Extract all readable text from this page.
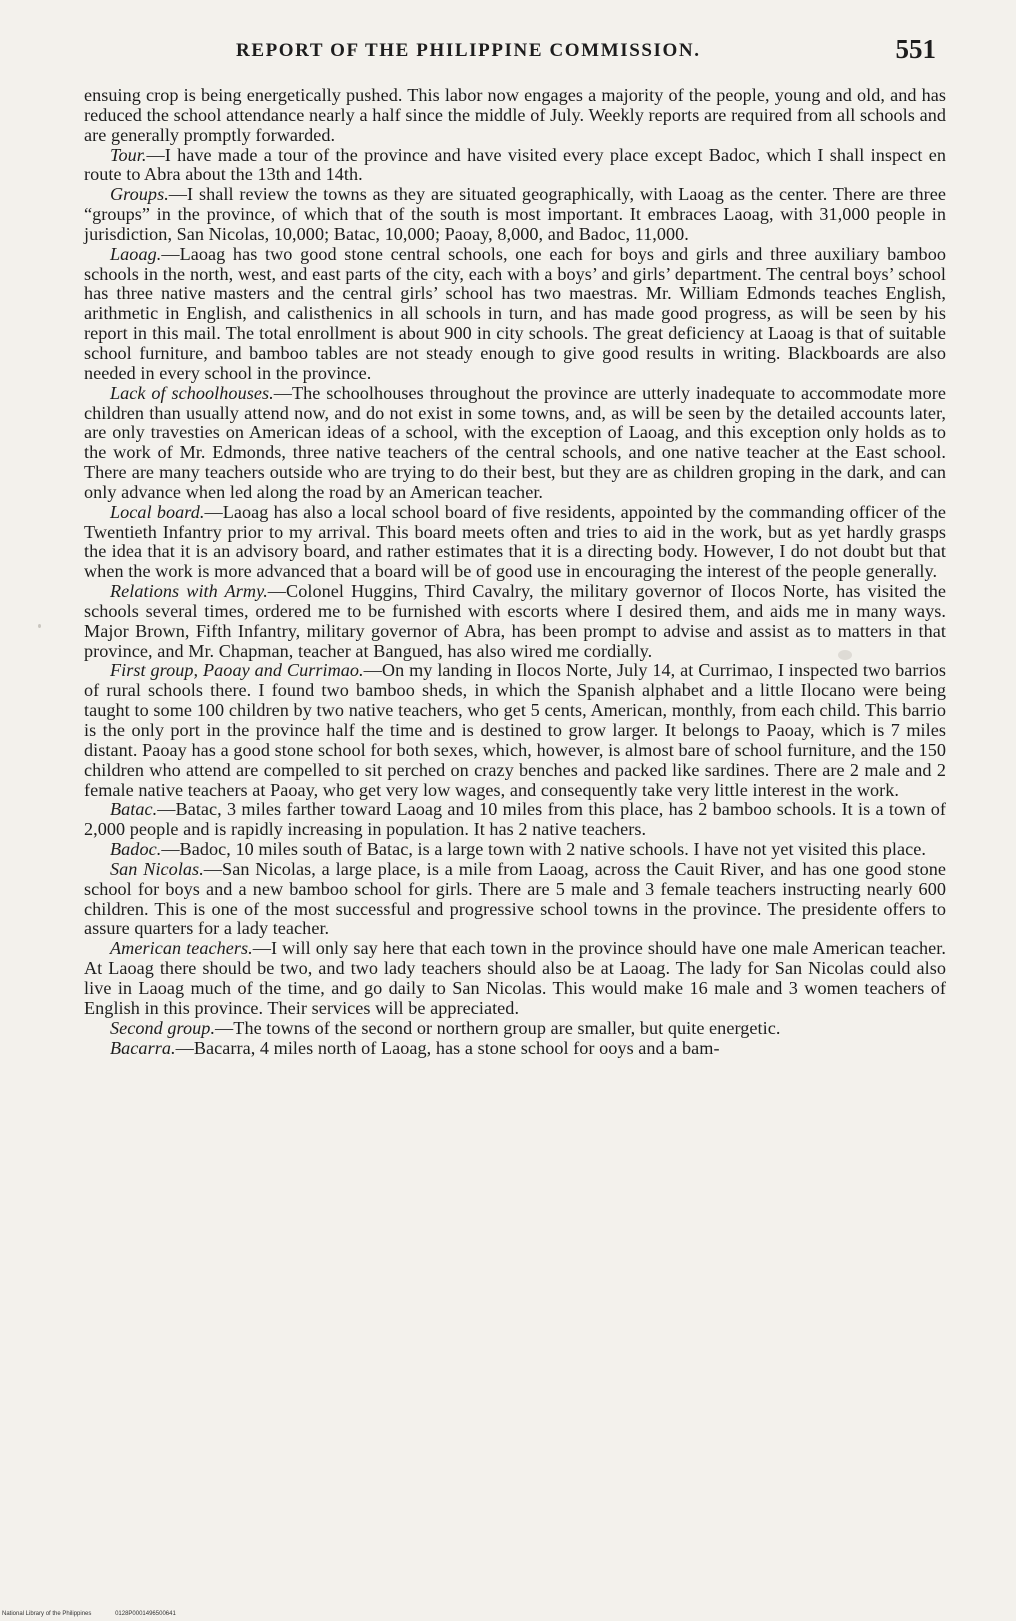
REPORT OF THE PHILIPPINE COMMISSION.	551

ensuing crop is being energetically pushed. This labor now engages a majority of the people, young and old, and has reduced the school attendance nearly a half since the middle of July. Weekly reports are required from all schools and are generally promptly forwarded.

Tour.—I have made a tour of the province and have visited every place except Badoc, which I shall inspect en route to Abra about the 13th and 14th.

Groups.—I shall review the towns as they are situated geographically, with Laoag as the center. There are three “groups” in the province, of which that of the south is most important. It embraces Laoag, with 31,000 people in jurisdiction, San Nicolas, 10,000; Batac, 10,000; Paoay, 8,000, and Badoc, 11,000.

Laoag.—Laoag has two good stone central schools, one each for boys and girls and three auxiliary bamboo schools in the north, west, and east parts of the city, each with a boys’ and girls’ department. The central boys’ school has three native masters and the central girls’ school has two maestras. Mr. William Edmonds teaches English, arithmetic in English, and calisthenics in all schools in turn, and has made good progress, as will be seen by his report in this mail. The total enrollment is about 900 in city schools. The great deficiency at Laoag is that of suitable school furniture, and bamboo tables are not steady enough to give good results in writing. Blackboards are also needed in every school in the province.

Lack of schoolhouses.—The schoolhouses throughout the province are utterly inadequate to accommodate more children than usually attend now, and do not exist in some towns, and, as will be seen by the detailed accounts later, are only travesties on American ideas of a school, with the exception of Laoag, and this exception only holds as to the work of Mr. Edmonds, three native teachers of the central schools, and one native teacher at the East school. There are many teachers outside who are trying to do their best, but they are as children groping in the dark, and can only advance when led along the road by an American teacher.

Local board.—Laoag has also a local school board of five residents, appointed by the commanding officer of the Twentieth Infantry prior to my arrival. This board meets often and tries to aid in the work, but as yet hardly grasps the idea that it is an advisory board, and rather estimates that it is a directing body. However, I do not doubt but that when the work is more advanced that a board will be of good use in encouraging the interest of the people generally.

Relations with Army.—Colonel Huggins, Third Cavalry, the military governor of Ilocos Norte, has visited the schools several times, ordered me to be furnished with escorts where I desired them, and aids me in many ways. Major Brown, Fifth Infantry, military governor of Abra, has been prompt to advise and assist as to matters in that province, and Mr. Chapman, teacher at Bangued, has also wired me cordially.

First group, Paoay and Currimao.—On my landing in Ilocos Norte, July 14, at Currimao, I inspected two barrios of rural schools there. I found two bamboo sheds, in which the Spanish alphabet and a little Ilocano were being taught to some 100 children by two native teachers, who get 5 cents, American, monthly, from each child. This barrio is the only port in the province half the time and is destined to grow larger. It belongs to Paoay, which is 7 miles distant. Paoay has a good stone school for both sexes, which, however, is almost bare of school furniture, and the 150 children who attend are compelled to sit perched on crazy benches and packed like sardines. There are 2 male and 2 female native teachers at Paoay, who get very low wages, and consequently take very little interest in the work.

Batac.—Batac, 3 miles farther toward Laoag and 10 miles from this place, has 2 bamboo schools. It is a town of 2,000 people and is rapidly increasing in population. It has 2 native teachers.

Badoc.—Badoc, 10 miles south of Batac, is a large town with 2 native schools. I have not yet visited this place.

San Nicolas.—San Nicolas, a large place, is a mile from Laoag, across the Cauit River, and has one good stone school for boys and a new bamboo school for girls. There are 5 male and 3 female teachers instructing nearly 600 children. This is one of the most successful and progressive school towns in the province. The presidente offers to assure quarters for a lady teacher.

American teachers.—I will only say here that each town in the province should have one male American teacher. At Laoag there should be two, and two lady teachers should also be at Laoag. The lady for San Nicolas could also live in Laoag much of the time, and go daily to San Nicolas. This would make 16 male and 3 women teachers of English in this province. Their services will be appreciated.

Second group.—The towns of the second or northern group are smaller, but quite energetic.

Bacarra.—Bacarra, 4 miles north of Laoag, has a stone school for ooys and a bam-

National Library of the Philippines	0128P0001496500641
